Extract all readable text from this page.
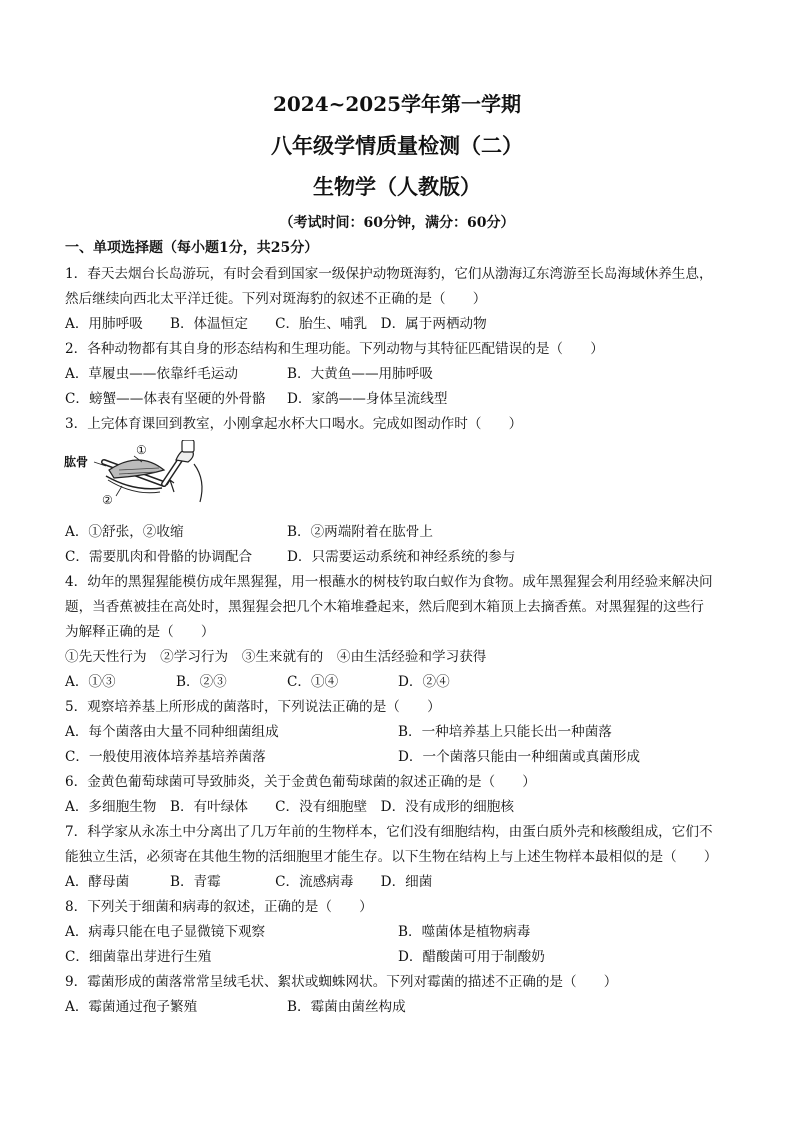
2024~2025学年第一学期
八年级学情质量检测（二）
生物学（人教版）
（考试时间：60分钟，满分：60分）
一、单项选择题（每小题1分，共25分）
1．春天去烟台长岛游玩，有时会看到国家一级保护动物斑海豹，它们从渤海辽东湾游至长岛海域休养生息，
然后继续向西北太平洋迁徙。下列对斑海豹的叙述不正确的是（　　）
A．用肺呼吸　　B．体温恒定　　C．胎生、哺乳　D．属于两栖动物
2．各种动物都有其自身的形态结构和生理功能。下列动物与其特征匹配错误的是（　　）
A．草履虫——依靠纤毛运动	B．大黄鱼——用肺呼吸
C．螃蟹——体表有坚硬的外骨骼 D．家鸽——身体呈流线型
3．上完体育课回到教室，小刚拿起水杯大口喝水。完成如图动作时（　　）
肱骨
①
②
A．①舒张，②收缩	B．②两端附着在肱骨上
C．需要肌肉和骨骼的协调配合	D．只需要运动系统和神经系统的参与
4．幼年的黑猩猩能模仿成年黑猩猩，用一根蘸水的树枝钓取白蚁作为食物。成年黑猩猩会利用经验来解决问
题，当香蕉被挂在高处时，黑猩猩会把几个木箱堆叠起来，然后爬到木箱顶上去摘香蕉。对黑猩猩的这些行
为解释正确的是（　　）
①先天性行为　②学习行为　③生来就有的　④由生活经验和学习获得
A．①③	B．②③	C．①④	D．②④
5．观察培养基上所形成的菌落时，下列说法正确的是（　　）
A．每个菌落由大量不同种细菌组成	B．一种培养基上只能长出一种菌落
C．一般使用液体培养基培养菌落	D．一个菌落只能由一种细菌或真菌形成
6．金黄色葡萄球菌可导致肺炎，关于金黄色葡萄球菌的叙述正确的是（　　）
A．多细胞生物　B．有叶绿体　　C．没有细胞壁　D．没有成形的细胞核
7．科学家从永冻土中分离出了几万年前的生物样本，它们没有细胞结构，由蛋白质外壳和核酸组成，它们不
能独立生活，必须寄在其他生物的活细胞里才能生存。以下生物在结构上与上述生物样本最相似的是（　　）
A．酵母菌　　　B．青霉　　　　C．流感病毒　　D．细菌
8．下列关于细菌和病毒的叙述，正确的是（　　）
A．病毒只能在电子显微镜下观察	B．噬菌体是植物病毒
C．细菌靠出芽进行生殖	D．醋酸菌可用于制酸奶
9．霉菌形成的菌落常常呈绒毛状、絮状或蜘蛛网状。下列对霉菌的描述不正确的是（　　）
A．霉菌通过孢子繁殖	B．霉菌由菌丝构成
